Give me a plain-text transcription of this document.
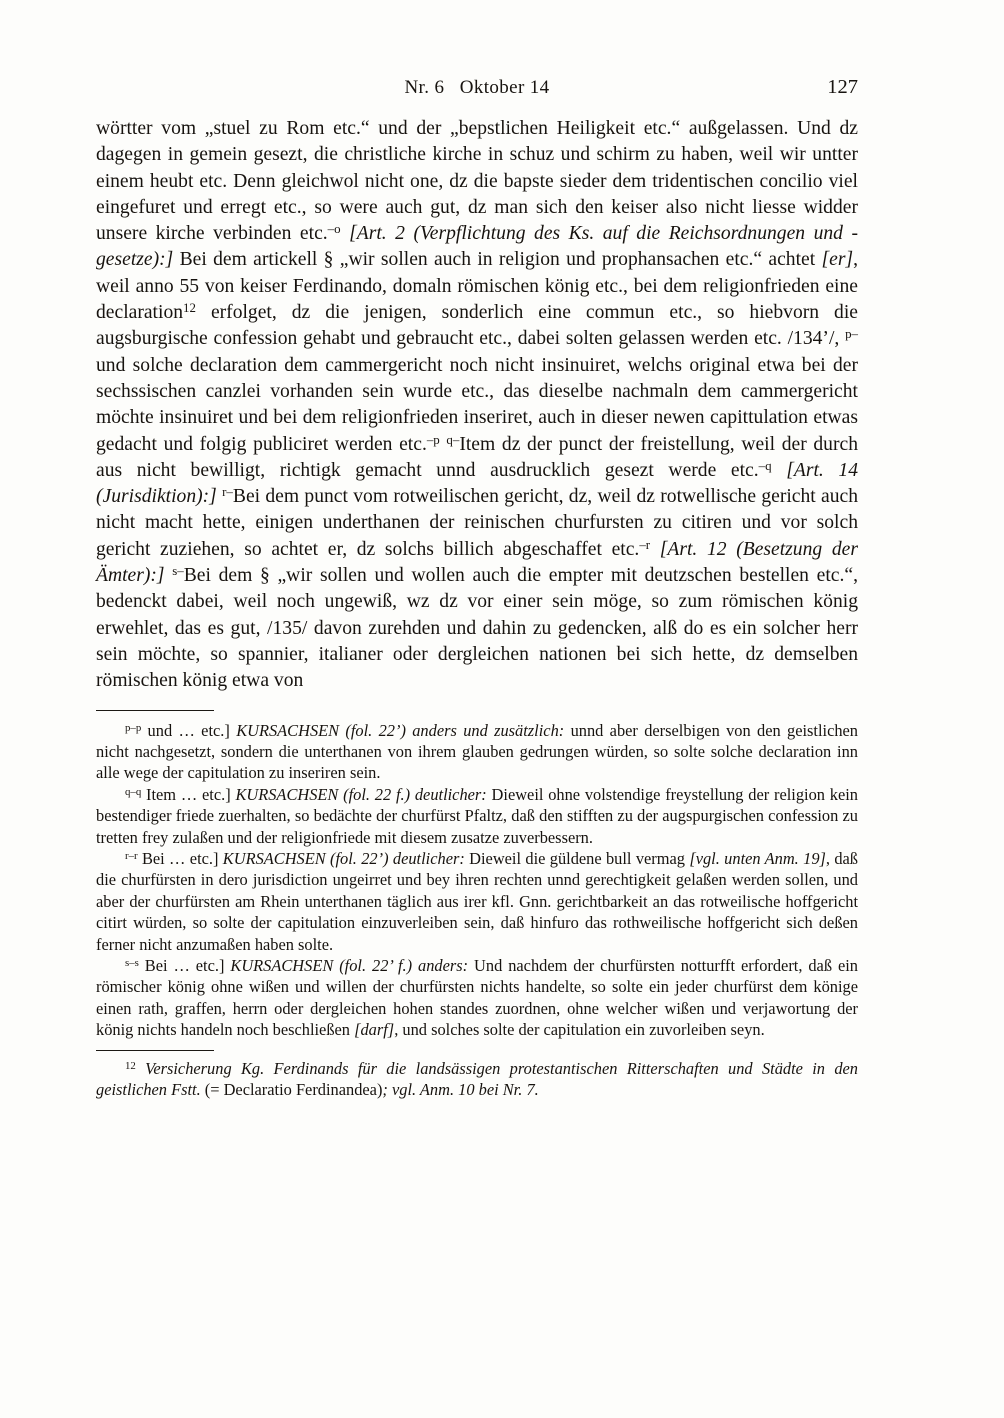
Nr. 6   Oktober 14	127

wörtter vom „stuel zu Rom etc.“ und der „bepstlichen Heiligkeit etc.“ außgelassen. Und dz dagegen in gemein gesezt, die christliche kirche in schuz und schirm zu haben, weil wir untter einem heubt etc. Denn gleichwol nicht one, dz die bapste sieder dem tridentischen concilio viel eingefuret und erregt etc., so were auch gut, dz man sich den keiser also nicht liesse widder unsere kirche verbinden etc.$^{-o}$ [Art. 2 (Verpflichtung des Ks. auf die Reichsordnungen und -gesetze):] Bei dem artickell § „wir sollen auch in religion und prophansachen etc.“ achtet [er], weil anno 55 von keiser Ferdinando, domaln römischen könig etc., bei dem religionfrieden eine declaration$^{12}$ erfolget, dz die jenigen, sonderlich eine commun etc., so hiebvorn die augsburgische confession gehabt und gebraucht etc., dabei solten gelassen werden etc. /134’/, $^{p-}$und solche declaration dem cammergericht noch nicht insinuiret, welchs original etwa bei der sechssischen canzlei vorhanden sein wurde etc., das dieselbe nachmaln dem cammergericht möchte insinuiret und bei dem religionfrieden inseriret, auch in dieser newen capittulation etwas gedacht und folgig publiciret werden etc.$^{-p}$ $^{q-}$Item dz der punct der freistellung, weil der durch aus nicht bewilligt, richtigk gemacht unnd ausdrucklich gesezt werde etc.$^{-q}$ [Art. 14 (Jurisdiktion):] $^{r-}$Bei dem punct vom rotweilischen gericht, dz, weil dz rotwellische gericht auch nicht macht hette, einigen underthanen der reinischen churfursten zu citiren und vor solch gericht zuziehen, so achtet er, dz solchs billich abgeschaffet etc.$^{-r}$ [Art. 12 (Besetzung der Ämter):] $^{s-}$Bei dem § „wir sollen und wollen auch die empter mit deutzschen bestellen etc.“, bedenckt dabei, weil noch ungewiß, wz dz vor einer sein möge, so zum römischen könig erwehlet, das es gut, /135/ davon zurehden und dahin zu gedencken, alß do es ein solcher herr sein möchte, so spannier, italianer oder dergleichen nationen bei sich hette, dz demselben römischen könig etwa von

$^{p-p}$ und … etc.] KURSACHSEN (fol. 22’) anders und zusätzlich: unnd aber derselbigen von den geistlichen nicht nachgesetzt, sondern die unterthanen von ihrem glauben gedrungen würden, so solte solche declaration inn alle wege der capitulation zu inseriren sein.

$^{q-q}$ Item … etc.] KURSACHSEN (fol. 22 f.) deutlicher: Dieweil ohne volstendige freystellung der religion kein bestendiger friede zuerhalten, so bedächte der churfürst Pfaltz, daß den stifften zu der augspurgischen confession zu tretten frey zulaßen und der religionfriede mit diesem zusatze zuverbessern.

$^{r-r}$ Bei … etc.] KURSACHSEN (fol. 22’) deutlicher: Dieweil die güldene bull vermag [vgl. unten Anm. 19], daß die churfürsten in dero jurisdiction ungeirret und bey ihren rechten unnd gerechtigkeit gelaßen werden sollen, und aber der churfürsten am Rhein unterthanen täglich aus irer kfl. Gnn. gerichtbarkeit an das rotweilische hoffgericht citirt würden, so solte der capitulation einzuverleiben sein, daß hinfuro das rothweilische hoffgericht sich deßen ferner nicht anzumaßen haben solte.

$^{s-s}$ Bei … etc.] KURSACHSEN (fol. 22’ f.) anders: Und nachdem der churfürsten notturfft erfordert, daß ein römischer könig ohne wißen und willen der churfürsten nichts handelte, so solte ein jeder churfürst dem könige einen rath, graffen, herrn oder dergleichen hohen standes zuordnen, ohne welcher wißen und verjawortung der könig nichts handeln noch beschließen [darf], und solches solte der capitulation ein zuvorleiben seyn.

$^{12}$ Versicherung Kg. Ferdinands für die landsässigen protestantischen Ritterschaften und Städte in den geistlichen Fstt. (= Declaratio Ferdinandea); vgl. Anm. 10 bei Nr. 7.
